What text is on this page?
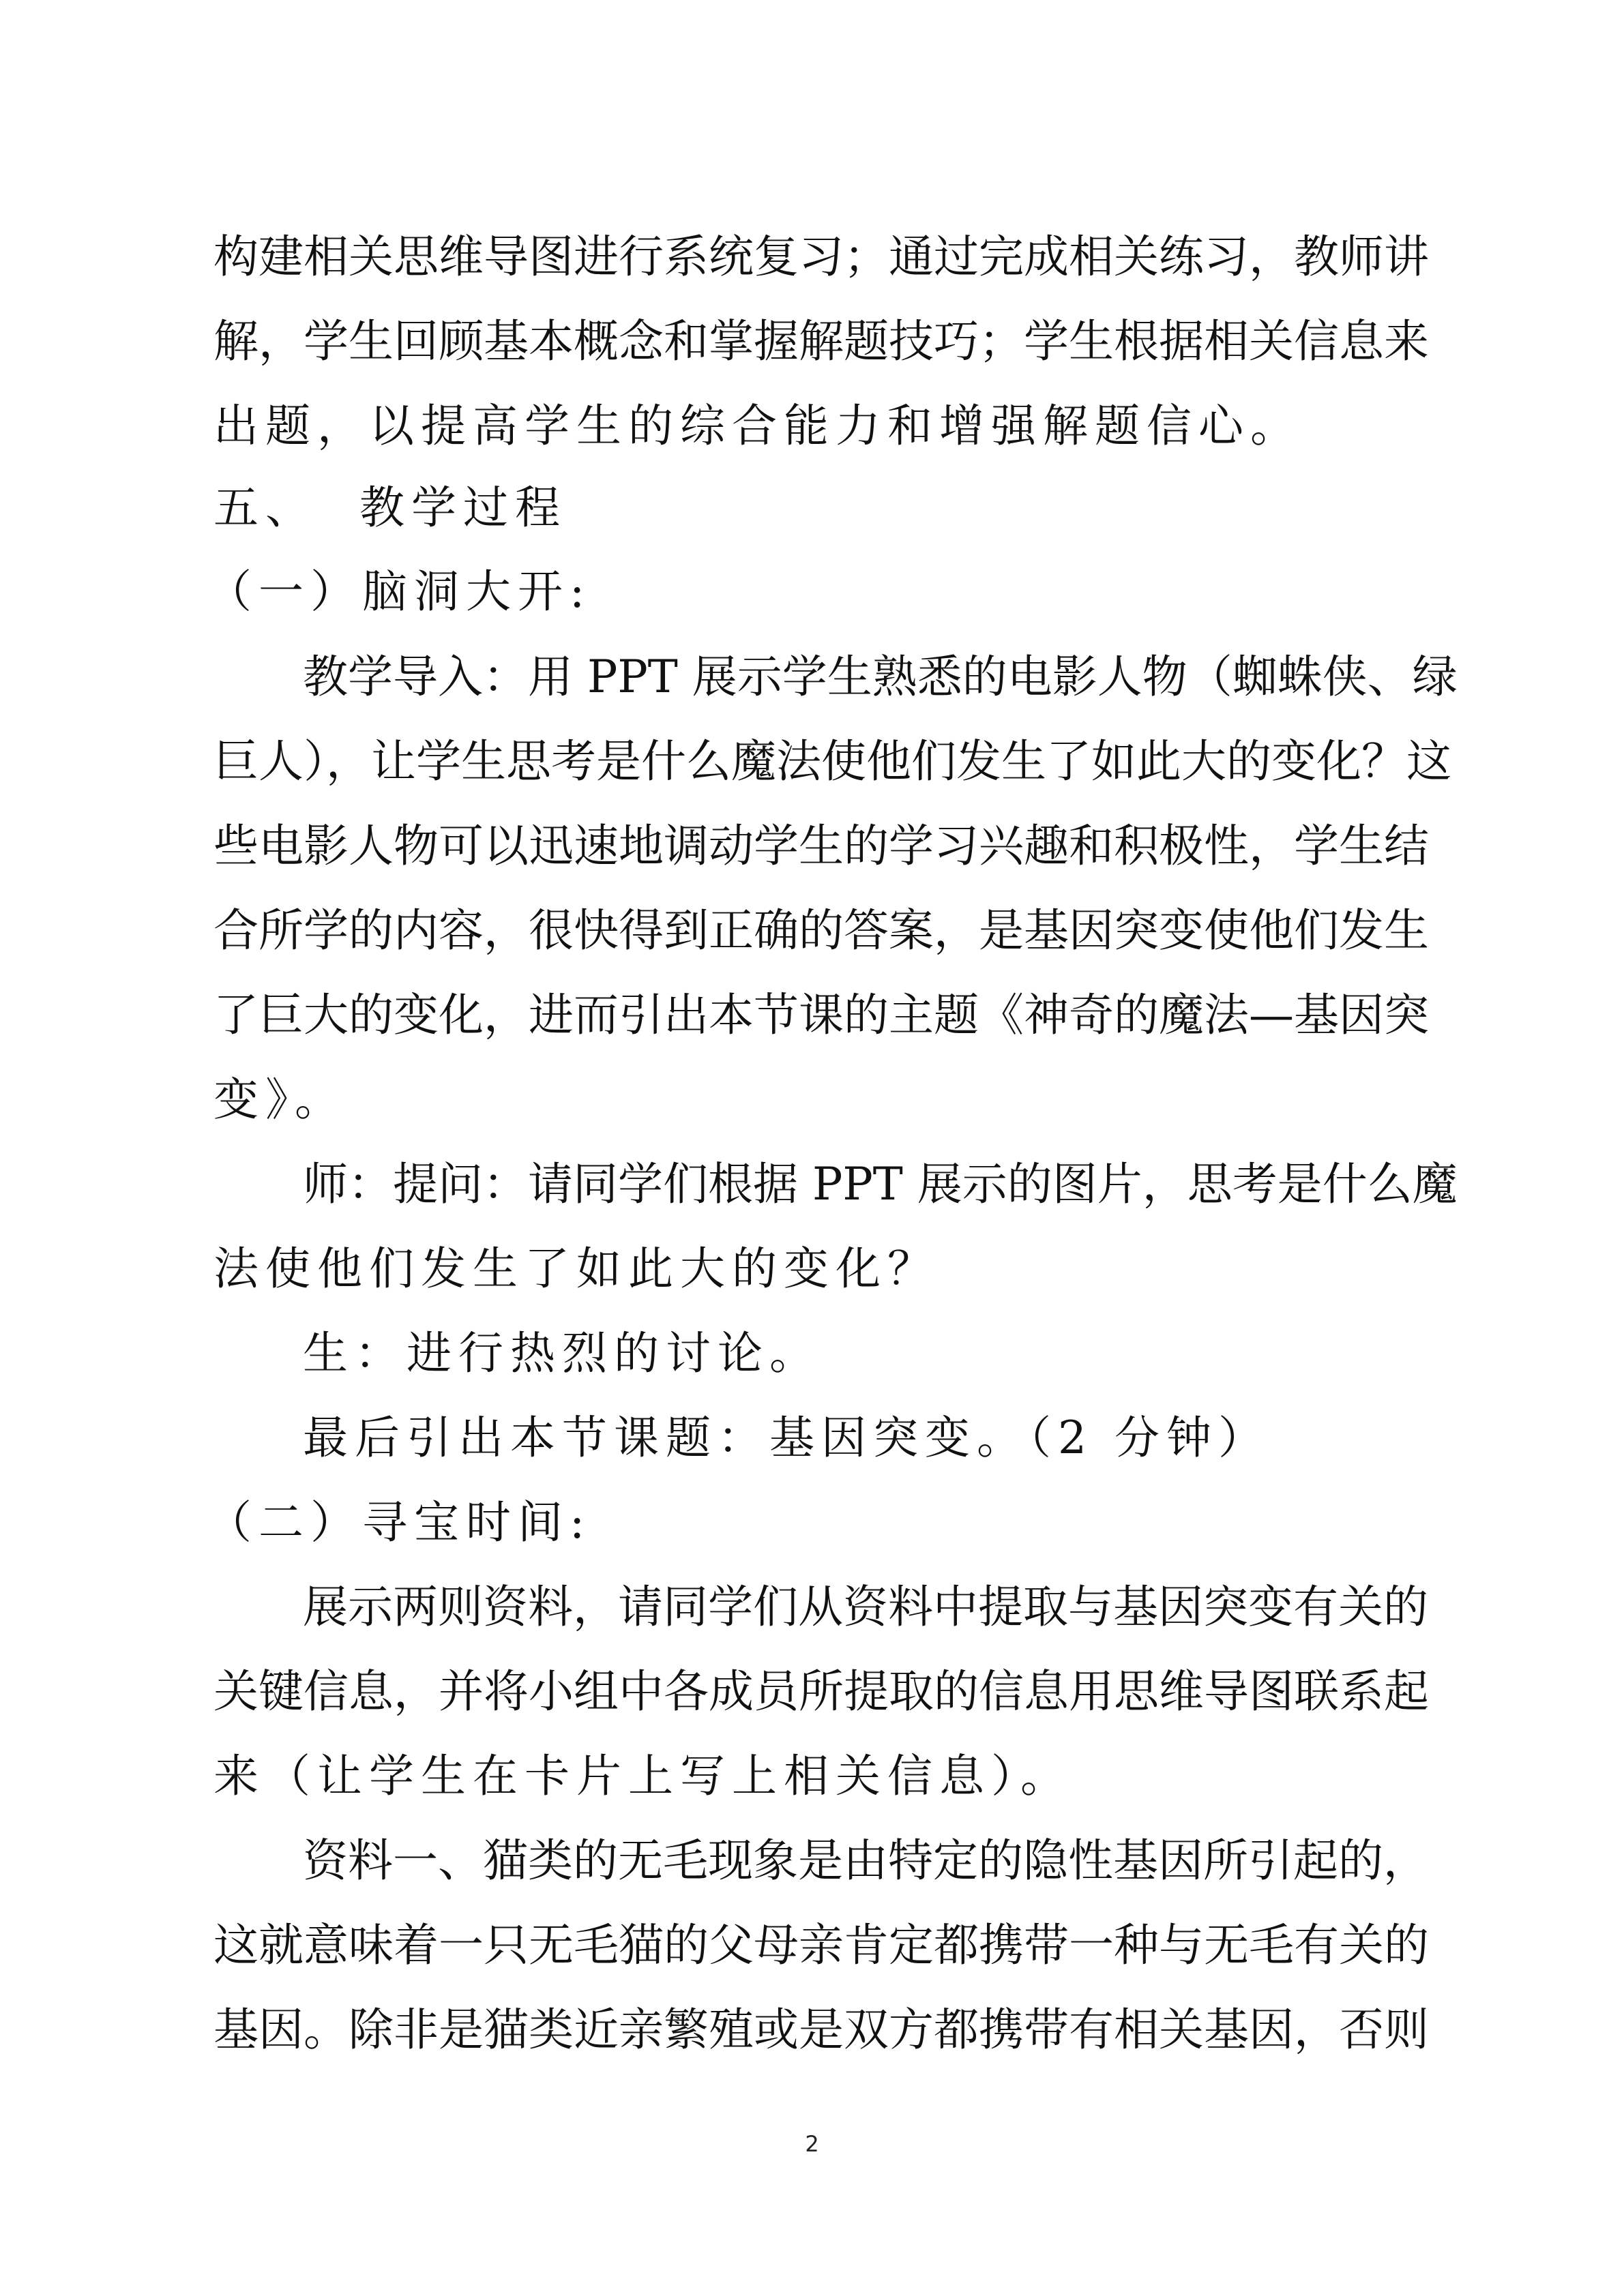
构建相关思维导图进行系统复习；通过完成相关练习，教师讲
解，学生回顾基本概念和掌握解题技巧；学生根据相关信息来
出题，以提高学生的综合能力和增强解题信心。
五、  教学过程
（一）脑洞大开:
教学导入：用 PPT 展示学生熟悉的电影人物（蜘蛛侠、绿
巨人），让学生思考是什么魔法使他们发生了如此大的变化？这
些电影人物可以迅速地调动学生的学习兴趣和积极性，学生结
合所学的内容，很快得到正确的答案，是基因突变使他们发生
了巨大的变化，进而引出本节课的主题《神奇的魔法—基因突
变》。
师：提问：请同学们根据 PPT 展示的图片，思考是什么魔
法使他们发生了如此大的变化？
生：进行热烈的讨论。
最后引出本节课题：基因突变。（2 分钟）
（二）寻宝时间:
展示两则资料，请同学们从资料中提取与基因突变有关的
关键信息，并将小组中各成员所提取的信息用思维导图联系起
来（让学生在卡片上写上相关信息）。
资料一、猫类的无毛现象是由特定的隐性基因所引起的，
这就意味着一只无毛猫的父母亲肯定都携带一种与无毛有关的
基因。除非是猫类近亲繁殖或是双方都携带有相关基因，否则
2
